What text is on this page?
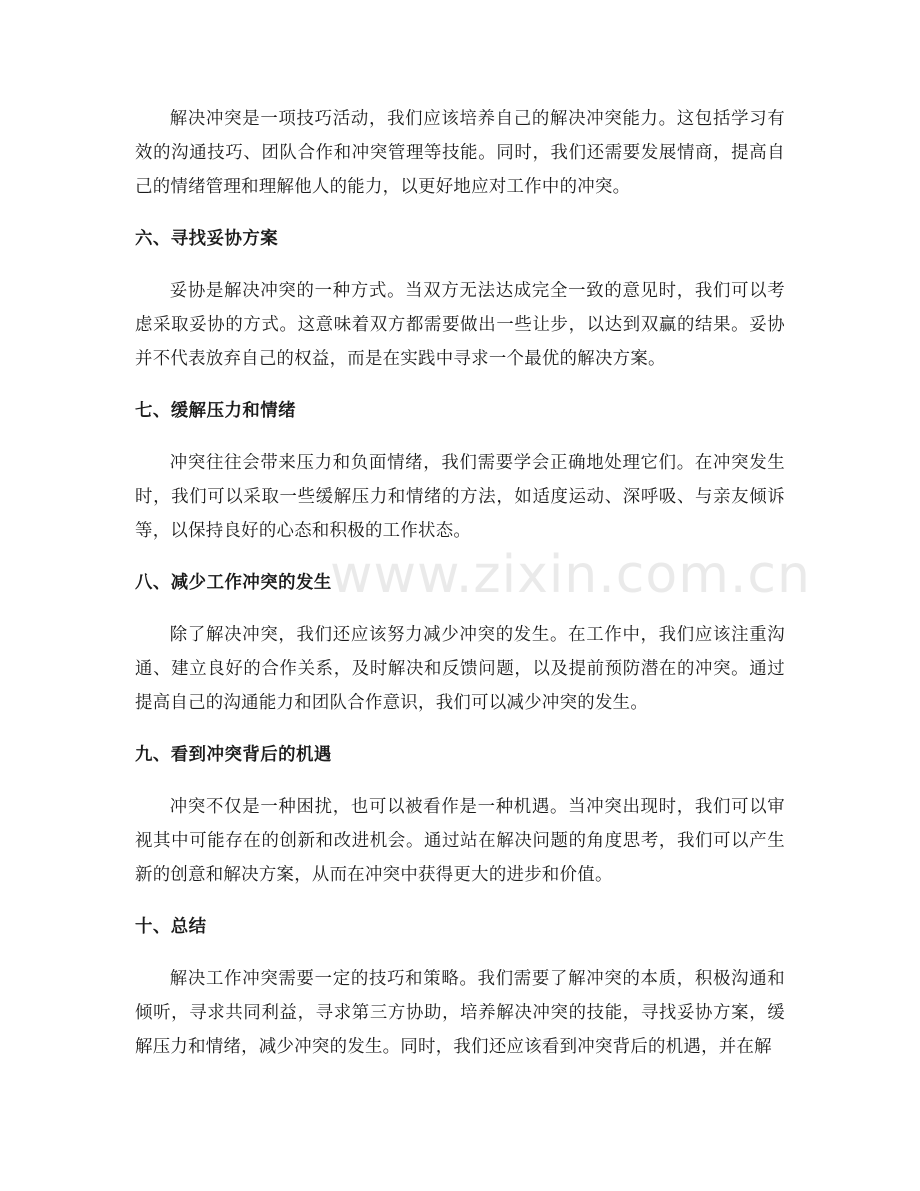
解决冲突是一项技巧活动，我们应该培养自己的解决冲突能力。这包括学习有效的沟通技巧、团队合作和冲突管理等技能。同时，我们还需要发展情商，提高自己的情绪管理和理解他人的能力，以更好地应对工作中的冲突。

六、寻找妥协方案

妥协是解决冲突的一种方式。当双方无法达成完全一致的意见时，我们可以考虑采取妥协的方式。这意味着双方都需要做出一些让步，以达到双赢的结果。妥协并不代表放弃自己的权益，而是在实践中寻求一个最优的解决方案。

七、缓解压力和情绪

冲突往往会带来压力和负面情绪，我们需要学会正确地处理它们。在冲突发生时，我们可以采取一些缓解压力和情绪的方法，如适度运动、深呼吸、与亲友倾诉等，以保持良好的心态和积极的工作状态。

八、减少工作冲突的发生

除了解决冲突，我们还应该努力减少冲突的发生。在工作中，我们应该注重沟通、建立良好的合作关系，及时解决和反馈问题，以及提前预防潜在的冲突。通过提高自己的沟通能力和团队合作意识，我们可以减少冲突的发生。

九、看到冲突背后的机遇

冲突不仅是一种困扰，也可以被看作是一种机遇。当冲突出现时，我们可以审视其中可能存在的创新和改进机会。通过站在解决问题的角度思考，我们可以产生新的创意和解决方案，从而在冲突中获得更大的进步和价值。

十、总结

解决工作冲突需要一定的技巧和策略。我们需要了解冲突的本质，积极沟通和倾听，寻求共同利益，寻求第三方协助，培养解决冲突的技能，寻找妥协方案，缓解压力和情绪，减少冲突的发生。同时，我们还应该看到冲突背后的机遇，并在解

www.zixin.com.cn
